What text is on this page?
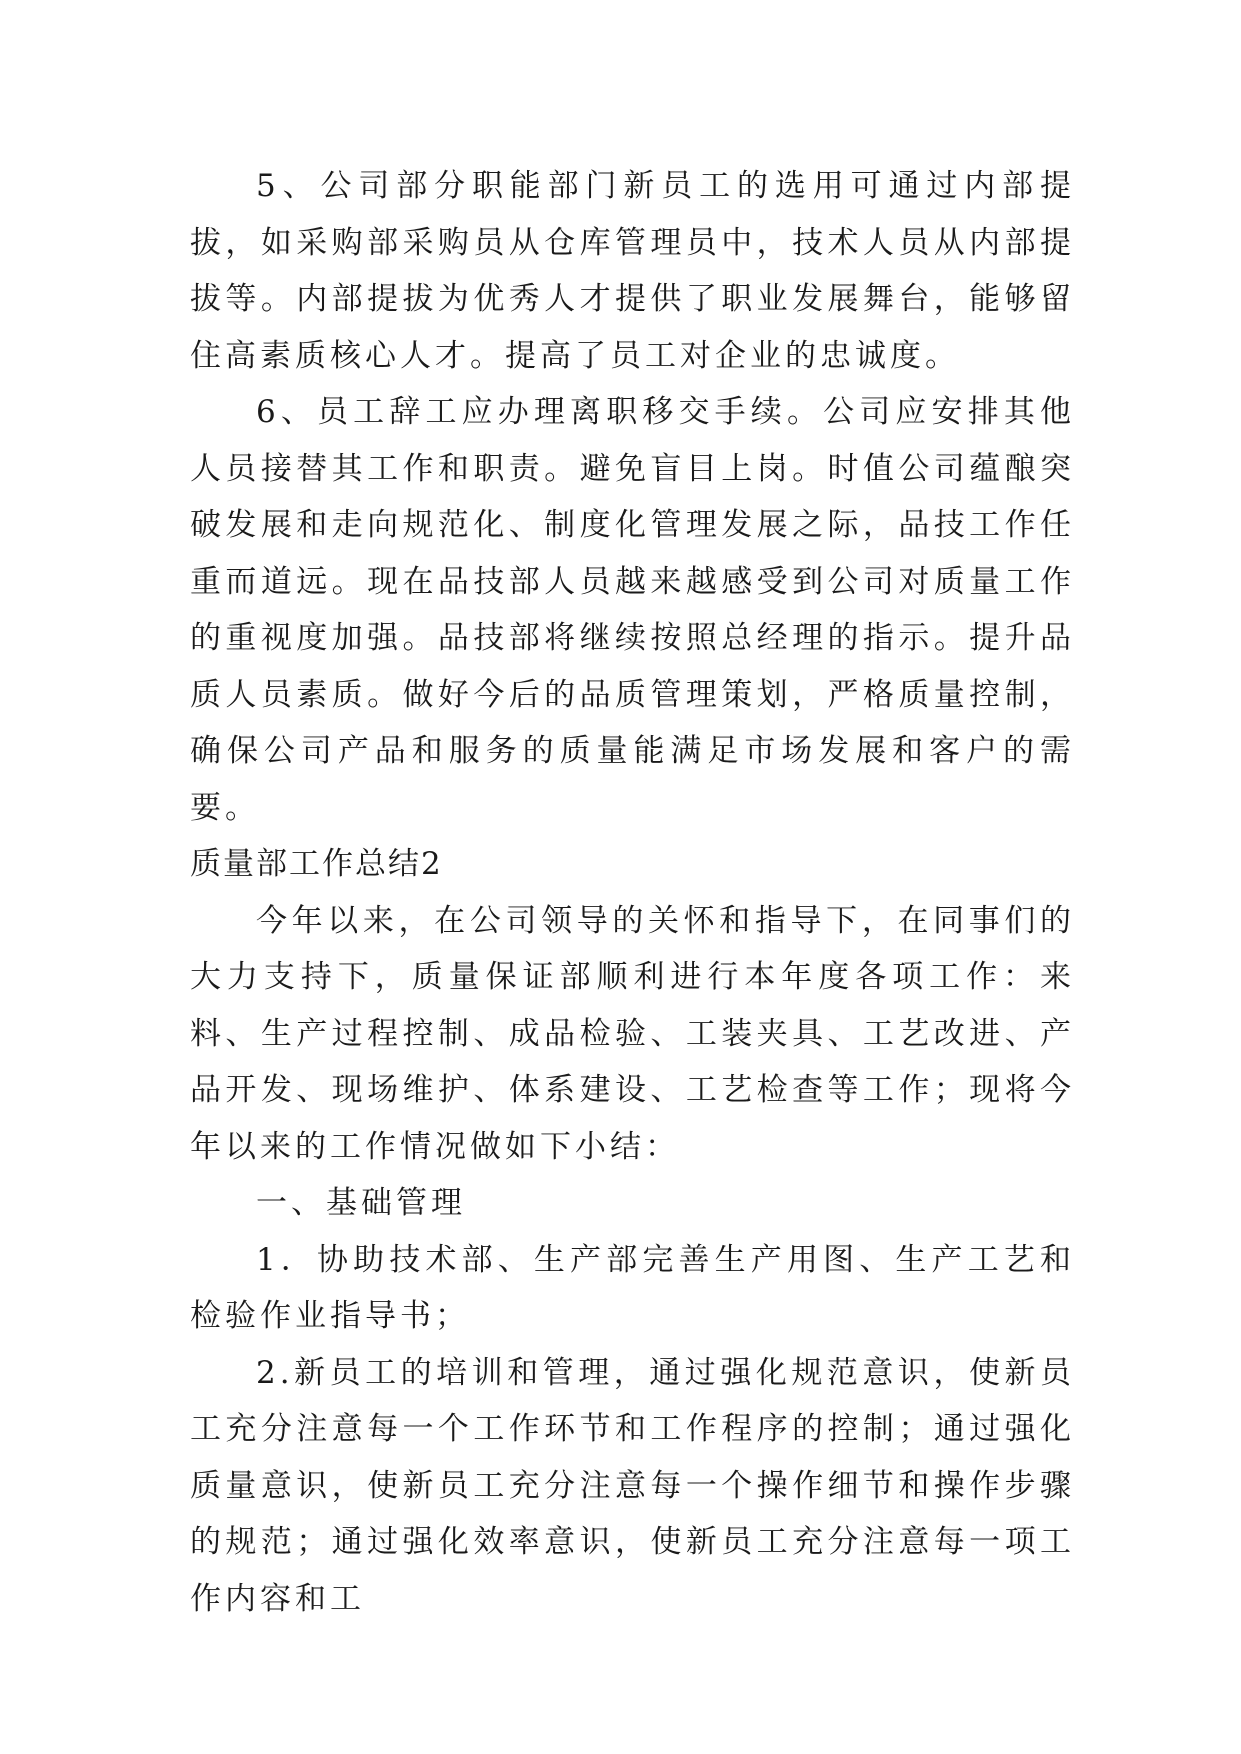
5、公司部分职能部门新员工的选用可通过内部提拔，如采购部采购员从仓库管理员中，技术人员从内部提拔等。内部提拔为优秀人才提供了职业发展舞台，能够留住高素质核心人才。提高了员工对企业的忠诚度。

6、员工辞工应办理离职移交手续。公司应安排其他人员接替其工作和职责。避免盲目上岗。时值公司蕴酿突破发展和走向规范化、制度化管理发展之际，品技工作任重而道远。现在品技部人员越来越感受到公司对质量工作的重视度加强。品技部将继续按照总经理的指示。提升品质人员素质。做好今后的品质管理策划，严格质量控制，确保公司产品和服务的质量能满足市场发展和客户的需要。

质量部工作总结2

今年以来，在公司领导的关怀和指导下，在同事们的大力支持下，质量保证部顺利进行本年度各项工作：来料、生产过程控制、成品检验、工装夹具、工艺改进、产品开发、现场维护、体系建设、工艺检查等工作；现将今年以来的工作情况做如下小结：

一、基础管理

1．协助技术部、生产部完善生产用图、生产工艺和检验作业指导书；

2.新员工的培训和管理，通过强化规范意识，使新员工充分注意每一个工作环节和工作程序的控制；通过强化质量意识，使新员工充分注意每一个操作细节和操作步骤的规范；通过强化效率意识，使新员工充分注意每一项工作内容和工
